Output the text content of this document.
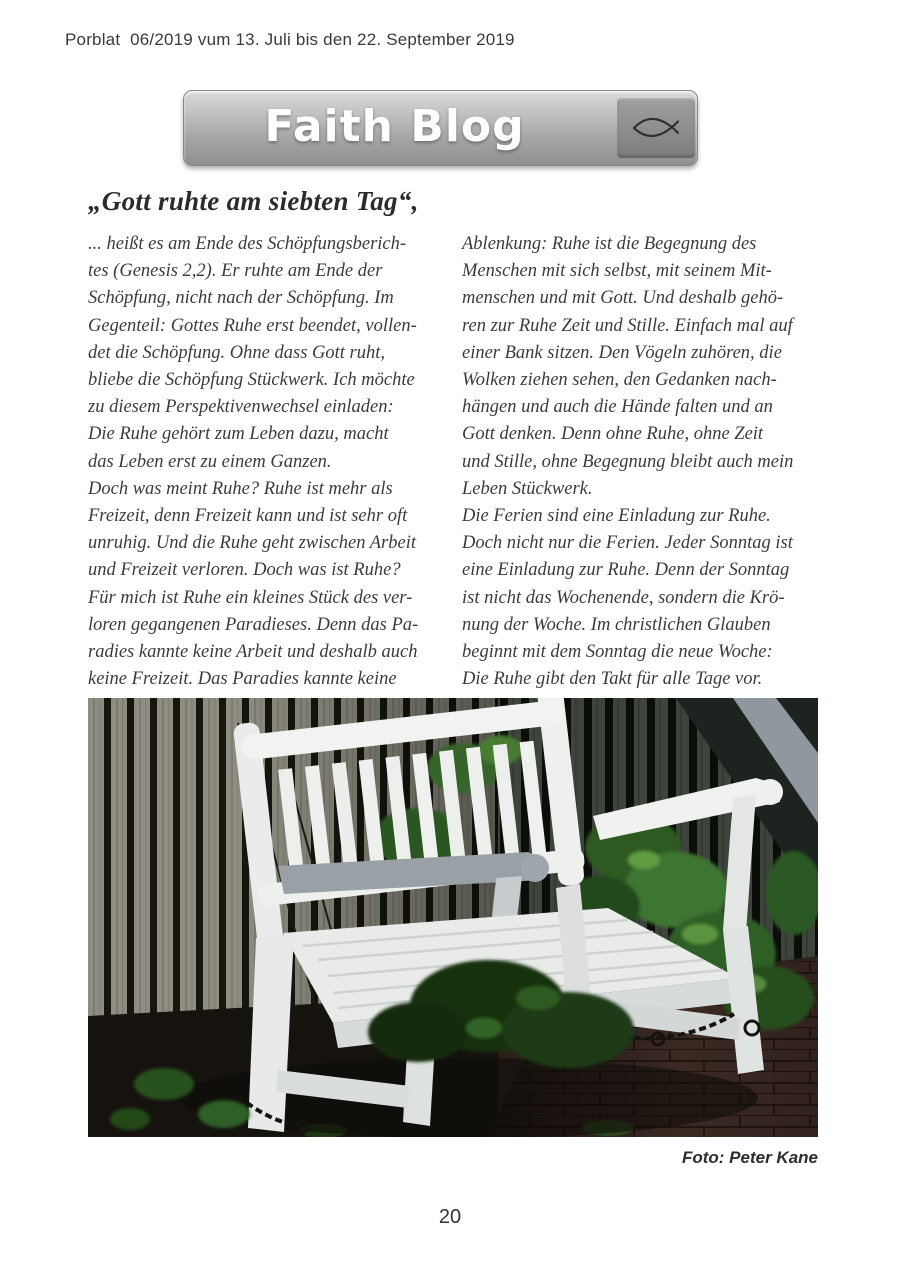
Porblat  06/2019 vum 13. Juli bis den 22. September 2019
Faith Blog
„Gott ruhte am siebten Tag“,
... heißt es am Ende des Schöpfungsberich-
tes (Genesis 2,2). Er ruhte am Ende der
Schöpfung, nicht nach der Schöpfung. Im
Gegenteil: Gottes Ruhe erst beendet, vollen-
det die Schöpfung. Ohne dass Gott ruht,
bliebe die Schöpfung Stückwerk. Ich möchte
zu diesem Perspektivenwechsel einladen:
Die Ruhe gehört zum Leben dazu, macht
das Leben erst zu einem Ganzen.
Doch was meint Ruhe? Ruhe ist mehr als
Freizeit, denn Freizeit kann und ist sehr oft
unruhig. Und die Ruhe geht zwischen Arbeit
und Freizeit verloren. Doch was ist Ruhe?
Für mich ist Ruhe ein kleines Stück des ver-
loren gegangenen Paradieses. Denn das Pa-
radies kannte keine Arbeit und deshalb auch
keine Freizeit. Das Paradies kannte keine
Ablenkung: Ruhe ist die Begegnung des
Menschen mit sich selbst, mit seinem Mit-
menschen und mit Gott. Und deshalb gehö-
ren zur Ruhe Zeit und Stille. Einfach mal auf
einer Bank sitzen. Den Vögeln zuhören, die
Wolken ziehen sehen, den Gedanken nach-
hängen und auch die Hände falten und an
Gott denken. Denn ohne Ruhe, ohne Zeit
und Stille, ohne Begegnung bleibt auch mein
Leben Stückwerk.
Die Ferien sind eine Einladung zur Ruhe.
Doch nicht nur die Ferien. Jeder Sonntag ist
eine Einladung zur Ruhe. Denn der Sonntag
ist nicht das Wochenende, sondern die Krö-
nung der Woche. Im christlichen Glauben
beginnt mit dem Sonntag die neue Woche:
Die Ruhe gibt den Takt für alle Tage vor.
Foto: Peter Kane
20
